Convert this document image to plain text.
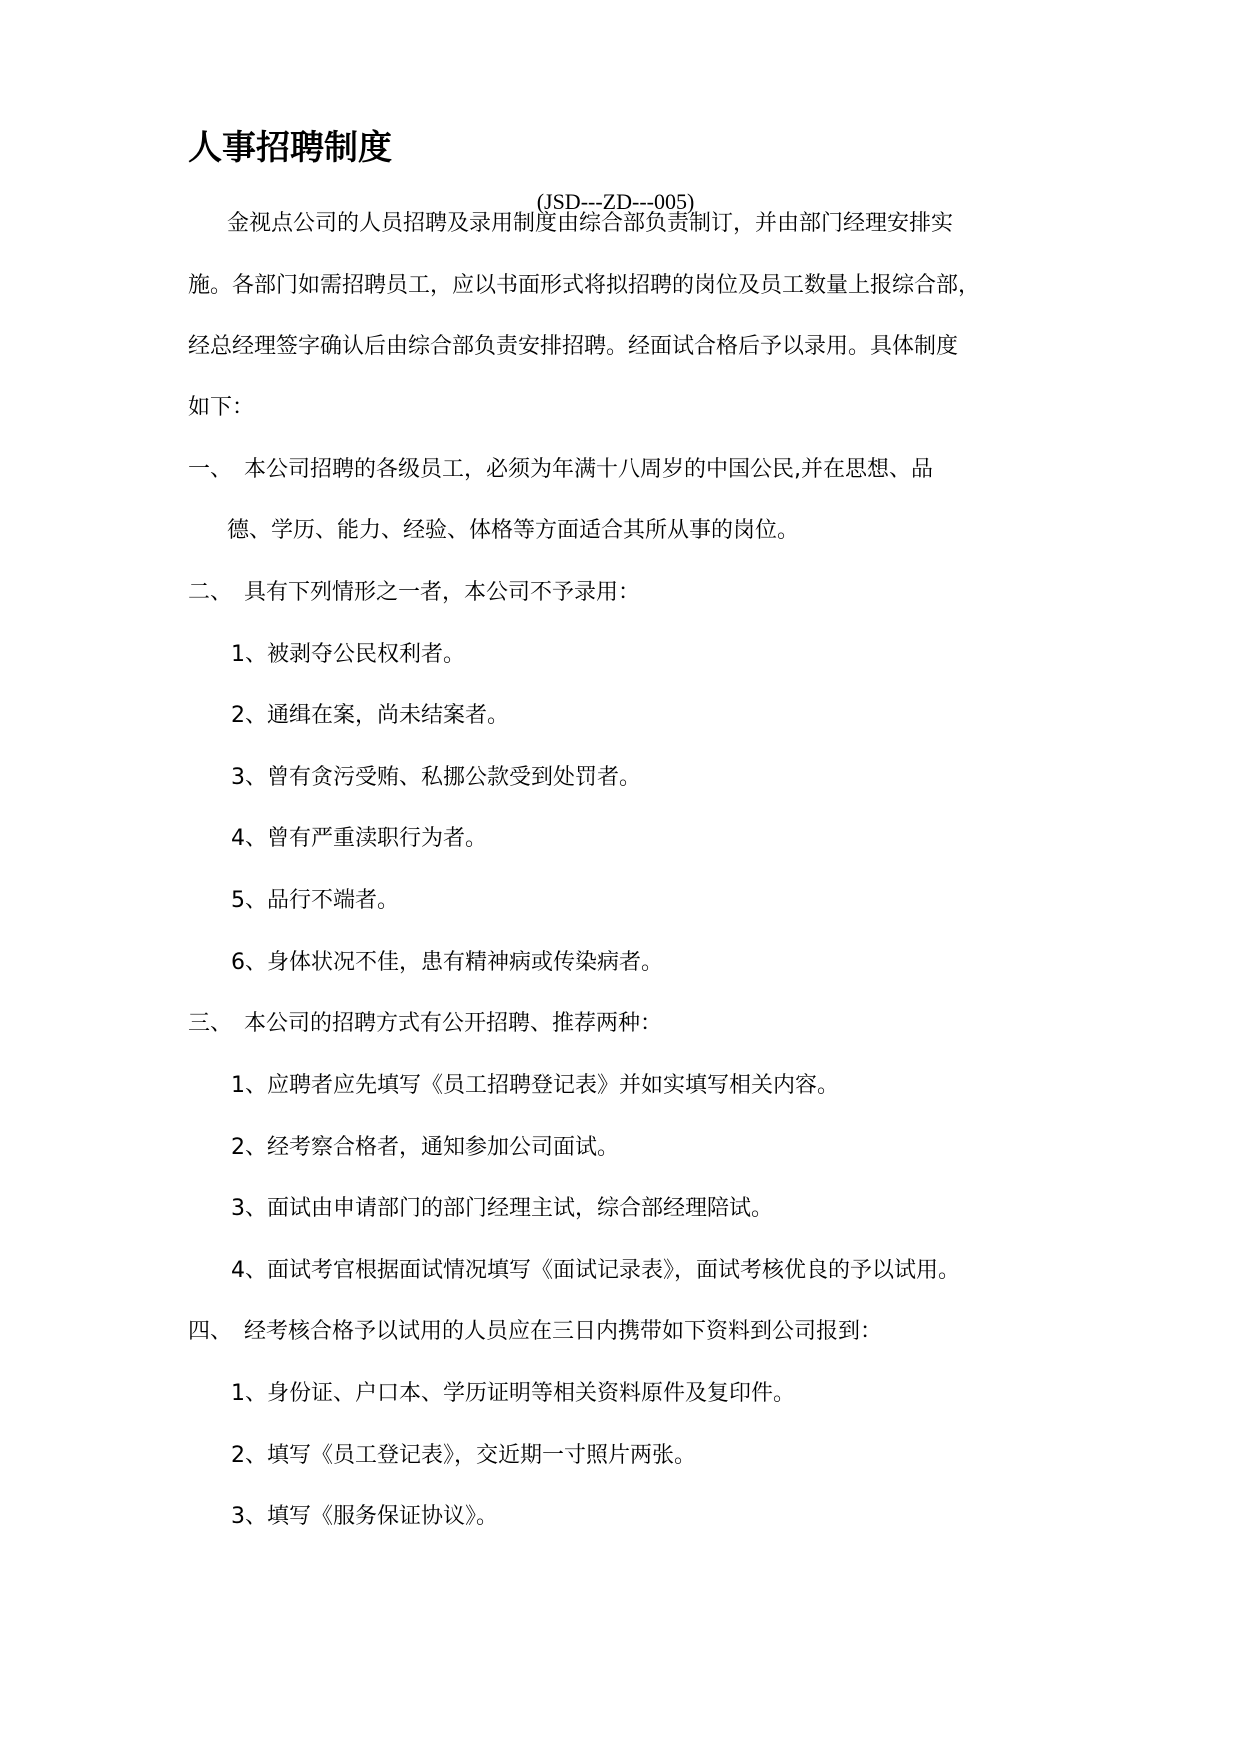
人事招聘制度
(JSD---ZD---005)
金视点公司的人员招聘及录用制度由综合部负责制订，并由部门经理安排实
施。各部门如需招聘员工，应以书面形式将拟招聘的岗位及员工数量上报综合部，
经总经理签字确认后由综合部负责安排招聘。经面试合格后予以录用。具体制度
如下：
一、 本公司招聘的各级员工，必须为年满十八周岁的中国公民,并在思想、品
德、学历、能力、经验、体格等方面适合其所从事的岗位。
二、 具有下列情形之一者，本公司不予录用：
1、被剥夺公民权利者。
2、通缉在案，尚未结案者。
3、曾有贪污受贿、私挪公款受到处罚者。
4、曾有严重渎职行为者。
5、品行不端者。
6、身体状况不佳，患有精神病或传染病者。
三、 本公司的招聘方式有公开招聘、推荐两种：
1、应聘者应先填写《员工招聘登记表》并如实填写相关内容。
2、经考察合格者，通知参加公司面试。
3、面试由申请部门的部门经理主试，综合部经理陪试。
4、面试考官根据面试情况填写《面试记录表》，面试考核优良的予以试用。
四、 经考核合格予以试用的人员应在三日内携带如下资料到公司报到：
1、身份证、户口本、学历证明等相关资料原件及复印件。
2、填写《员工登记表》，交近期一寸照片两张。
3、填写《服务保证协议》。
